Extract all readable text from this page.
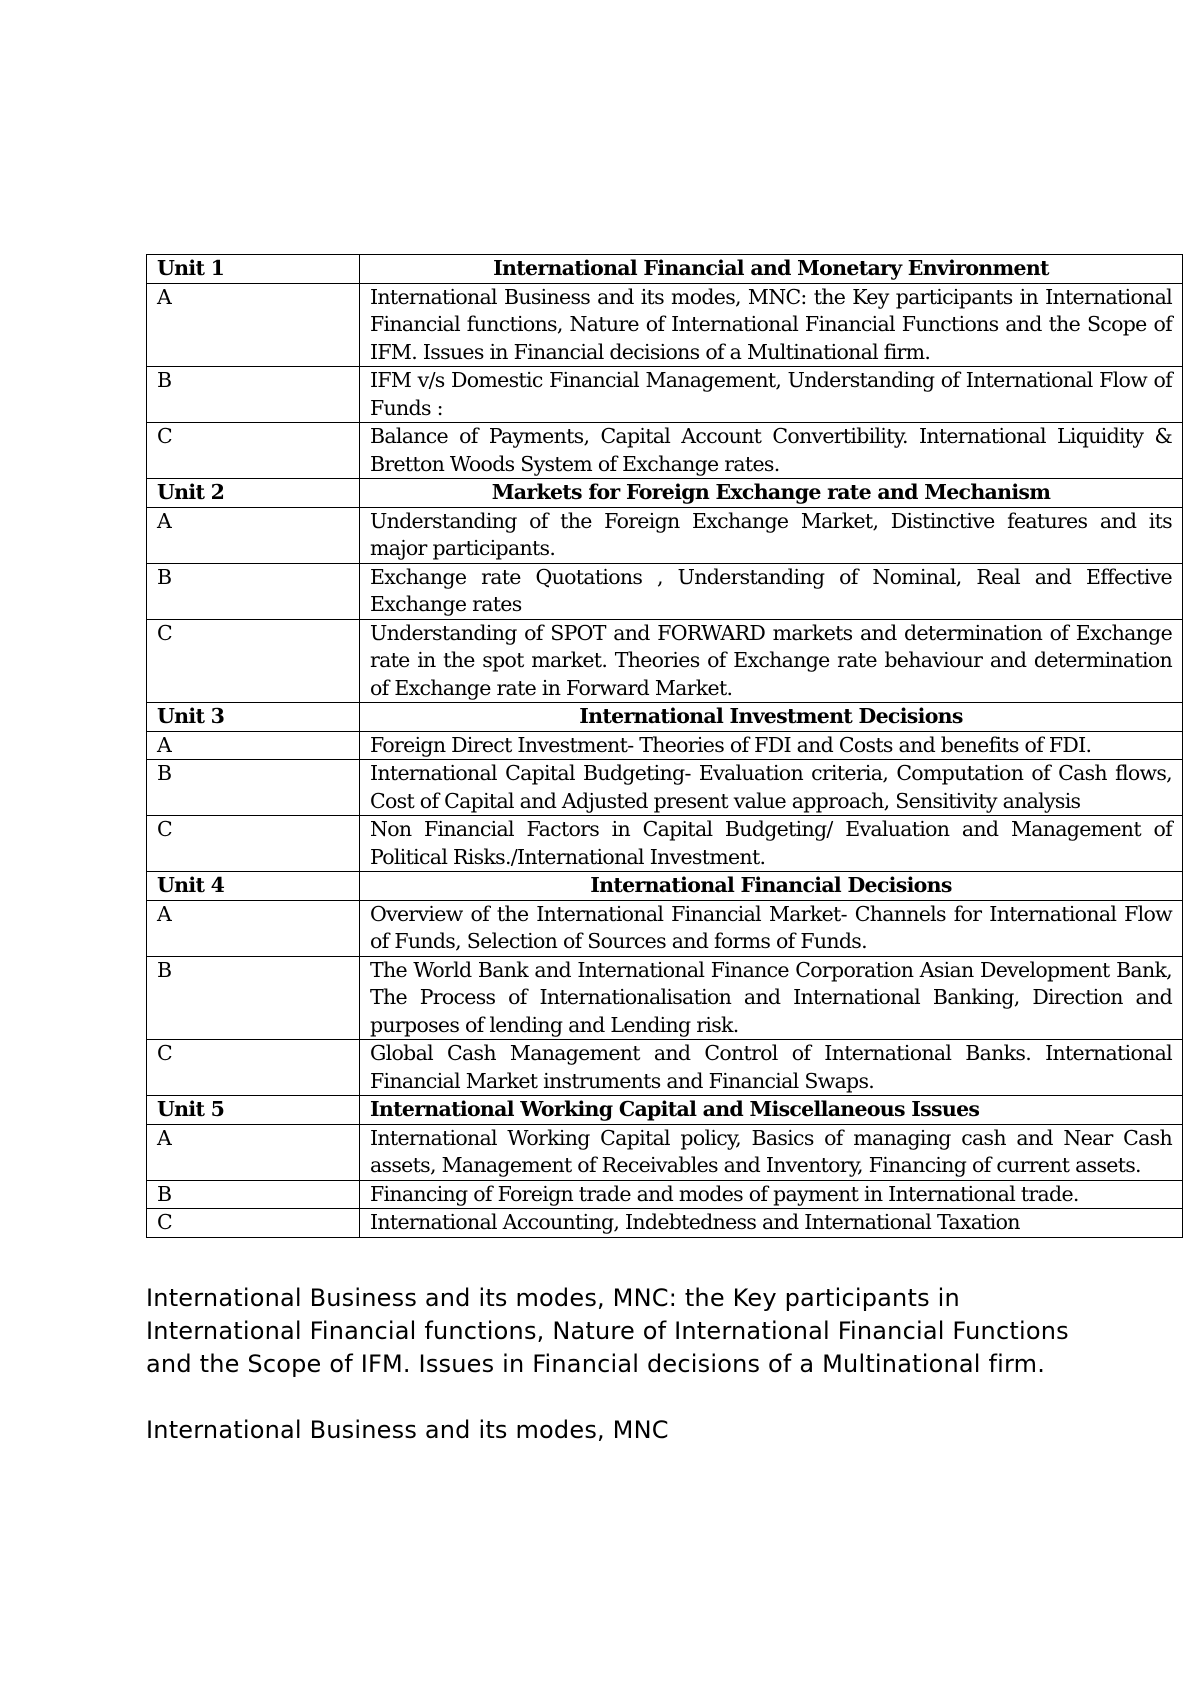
Unit 1	International Financial and Monetary Environment
A	International Business and its modes, MNC: the Key participants in International Financial functions, Nature of International Financial Functions and the Scope of IFM. Issues in Financial decisions of a Multinational firm.
B	IFM v/s Domestic Financial Management, Understanding of International Flow of Funds :
C	Balance of Payments, Capital Account Convertibility. International Liquidity & Bretton Woods System of Exchange rates.
Unit 2	Markets for Foreign Exchange rate and Mechanism
A	Understanding of the Foreign Exchange Market, Distinctive features and its major participants.
B	Exchange rate Quotations , Understanding of Nominal, Real and Effective Exchange rates
C	Understanding of SPOT and FORWARD markets and determination of Exchange rate in the spot market. Theories of Exchange rate behaviour and determination of Exchange rate in Forward Market.
Unit 3	International Investment Decisions
A	Foreign Direct Investment- Theories of FDI and Costs and benefits of FDI.
B	International Capital Budgeting- Evaluation criteria, Computation of Cash flows, Cost of Capital and Adjusted present value approach, Sensitivity analysis
C	Non Financial Factors in Capital Budgeting/ Evaluation and Management of Political Risks./International Investment.
Unit 4	International Financial Decisions
A	Overview of the International Financial Market- Channels for International Flow of Funds, Selection of Sources and forms of Funds.
B	The World Bank and International Finance Corporation Asian Development Bank, The Process of Internationalisation and International Banking, Direction and purposes of lending and Lending risk.
C	Global Cash Management and Control of International Banks. International Financial Market instruments and Financial Swaps.
Unit 5	International Working Capital and Miscellaneous Issues
A	International Working Capital policy, Basics of managing cash and Near Cash assets, Management of Receivables and Inventory, Financing of current assets.
B	Financing of Foreign trade and modes of payment in International trade.
C	International Accounting, Indebtedness and International Taxation

International Business and its modes, MNC: the Key participants in International Financial functions, Nature of International Financial Functions and the Scope of IFM. Issues in Financial decisions of a Multinational firm.

International Business and its modes, MNC
